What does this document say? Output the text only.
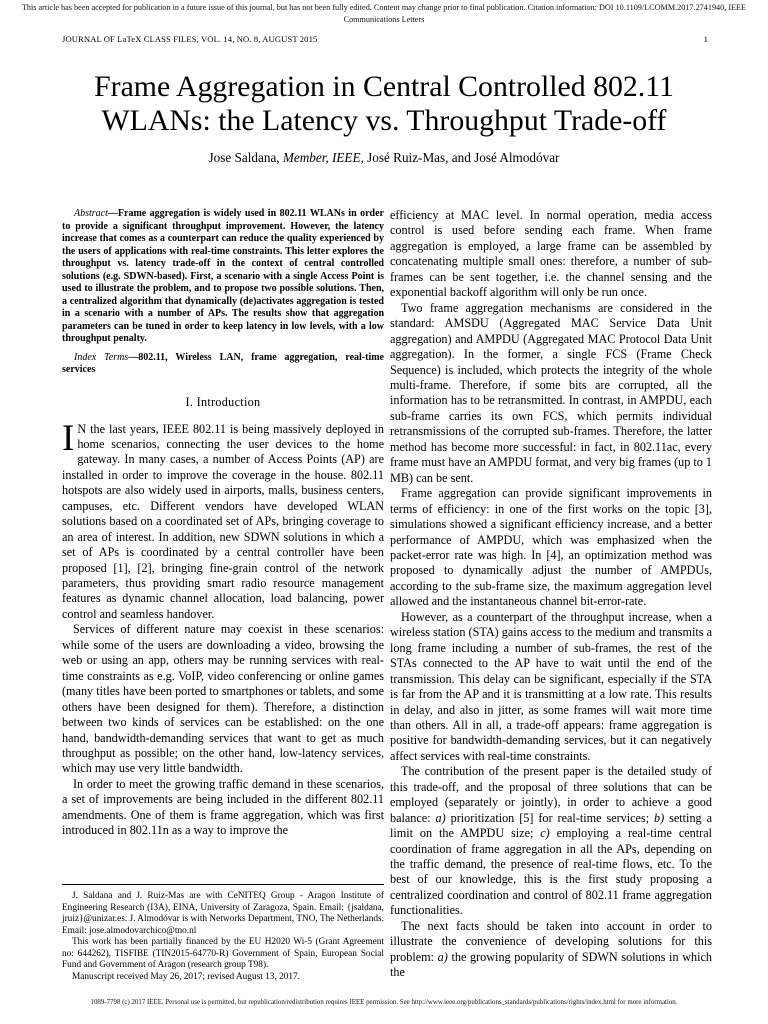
This article has been accepted for publication in a future issue of this journal, but has not been fully edited. Content may change prior to final publication. Citation information: DOI 10.1109/LCOMM.2017.2741940, IEEE
Communications Letters
JOURNAL OF LaTeX CLASS FILES, VOL. 14, NO. 8, AUGUST 2015	1
Frame Aggregation in Central Controlled 802.11
WLANs: the Latency vs. Throughput Trade-off
Jose Saldana, Member, IEEE, José Ruiz-Mas, and José Almodóvar

Abstract—Frame aggregation is widely used in 802.11 WLANs in order to provide a significant throughput improvement. However, the latency increase that comes as a counterpart can reduce the quality experienced by the users of applications with real-time constraints. This letter explores the throughput vs. latency trade-off in the context of central controlled solutions (e.g. SDWN-based). First, a scenario with a single Access Point is used to illustrate the problem, and to propose two possible solutions. Then, a centralized algorithm that dynamically (de)activates aggregation is tested in a scenario with a number of APs. The results show that aggregation parameters can be tuned in order to keep latency in low levels, with a low throughput penalty.

Index Terms—802.11, Wireless LAN, frame aggregation, real-time services

I. Introduction

I N the last years, IEEE 802.11 is being massively deployed in home scenarios, connecting the user devices to the home gateway. In many cases, a number of Access Points (AP) are installed in order to improve the coverage in the house. 802.11 hotspots are also widely used in airports, malls, business centers, campuses, etc. Different vendors have developed WLAN solutions based on a coordinated set of APs, bringing coverage to an area of interest. In addition, new SDWN solutions in which a set of APs is coordinated by a central controller have been proposed [1], [2], bringing fine-grain control of the network parameters, thus providing smart radio resource management features as dynamic channel allocation, load balancing, power control and seamless handover.

Services of different nature may coexist in these scenarios: while some of the users are downloading a video, browsing the web or using an app, others may be running services with real-time constraints as e.g. VoIP, video conferencing or online games (many titles have been ported to smartphones or tablets, and some others have been designed for them). Therefore, a distinction between two kinds of services can be established: on the one hand, bandwidth-demanding services that want to get as much throughput as possible; on the other hand, low-latency services, which may use very little bandwidth.

In order to meet the growing traffic demand in these scenarios, a set of improvements are being included in the different 802.11 amendments. One of them is frame aggregation, which was first introduced in 802.11n as a way to improve the

J. Saldana and J. Ruiz-Mas are with CeNITEQ Group - Aragon Institute of Engineering Research (I3A), EINA, University of Zaragoza, Spain. Email: {jsaldana, jruiz}@unizar.es. J. Almodóvar is with Networks Department, TNO, The Netherlands. Email: jose.almodovarchico@tno.nl

This work has been partially financed by the EU H2020 Wi-5 (Grant Agreement no: 644262), TISFIBE (TIN2015-64770-R) Government of Spain, European Social Fund and Government of Aragon (research group T98).

Manuscript received May 26, 2017; revised August 13, 2017.

efficiency at MAC level. In normal operation, media access control is used before sending each frame. When frame aggregation is employed, a large frame can be assembled by concatenating multiple small ones: therefore, a number of sub-frames can be sent together, i.e. the channel sensing and the exponential backoff algorithm will only be run once.

Two frame aggregation mechanisms are considered in the standard: AMSDU (Aggregated MAC Service Data Unit aggregation) and AMPDU (Aggregated MAC Protocol Data Unit aggregation). In the former, a single FCS (Frame Check Sequence) is included, which protects the integrity of the whole multi-frame. Therefore, if some bits are corrupted, all the information has to be retransmitted. In contrast, in AMPDU, each sub-frame carries its own FCS, which permits individual retransmissions of the corrupted sub-frames. Therefore, the latter method has become more successful: in fact, in 802.11ac, every frame must have an AMPDU format, and very big frames (up to 1 MB) can be sent.

Frame aggregation can provide significant improvements in terms of efficiency: in one of the first works on the topic [3], simulations showed a significant efficiency increase, and a better performance of AMPDU, which was emphasized when the packet-error rate was high. In [4], an optimization method was proposed to dynamically adjust the number of AMPDUs, according to the sub-frame size, the maximum aggregation level allowed and the instantaneous channel bit-error-rate.

However, as a counterpart of the throughput increase, when a wireless station (STA) gains access to the medium and transmits a long frame including a number of sub-frames, the rest of the STAs connected to the AP have to wait until the end of the transmission. This delay can be significant, especially if the STA is far from the AP and it is transmitting at a low rate. This results in delay, and also in jitter, as some frames will wait more time than others. All in all, a trade-off appears: frame aggregation is positive for bandwidth-demanding services, but it can negatively affect services with real-time constraints.

The contribution of the present paper is the detailed study of this trade-off, and the proposal of three solutions that can be employed (separately or jointly), in order to achieve a good balance: a) prioritization [5] for real-time services; b) setting a limit on the AMPDU size; c) employing a real-time central coordination of frame aggregation in all the APs, depending on the traffic demand, the presence of real-time flows, etc. To the best of our knowledge, this is the first study proposing a centralized coordination and control of 802.11 frame aggregation functionalities.

The next facts should be taken into account in order to illustrate the convenience of developing solutions for this problem: a) the growing popularity of SDWN solutions in which the

1089-7798 (c) 2017 IEEE. Personal use is permitted, but republication/redistribution requires IEEE permission. See http://www.ieee.org/publications_standards/publications/rights/index.html for more information.
